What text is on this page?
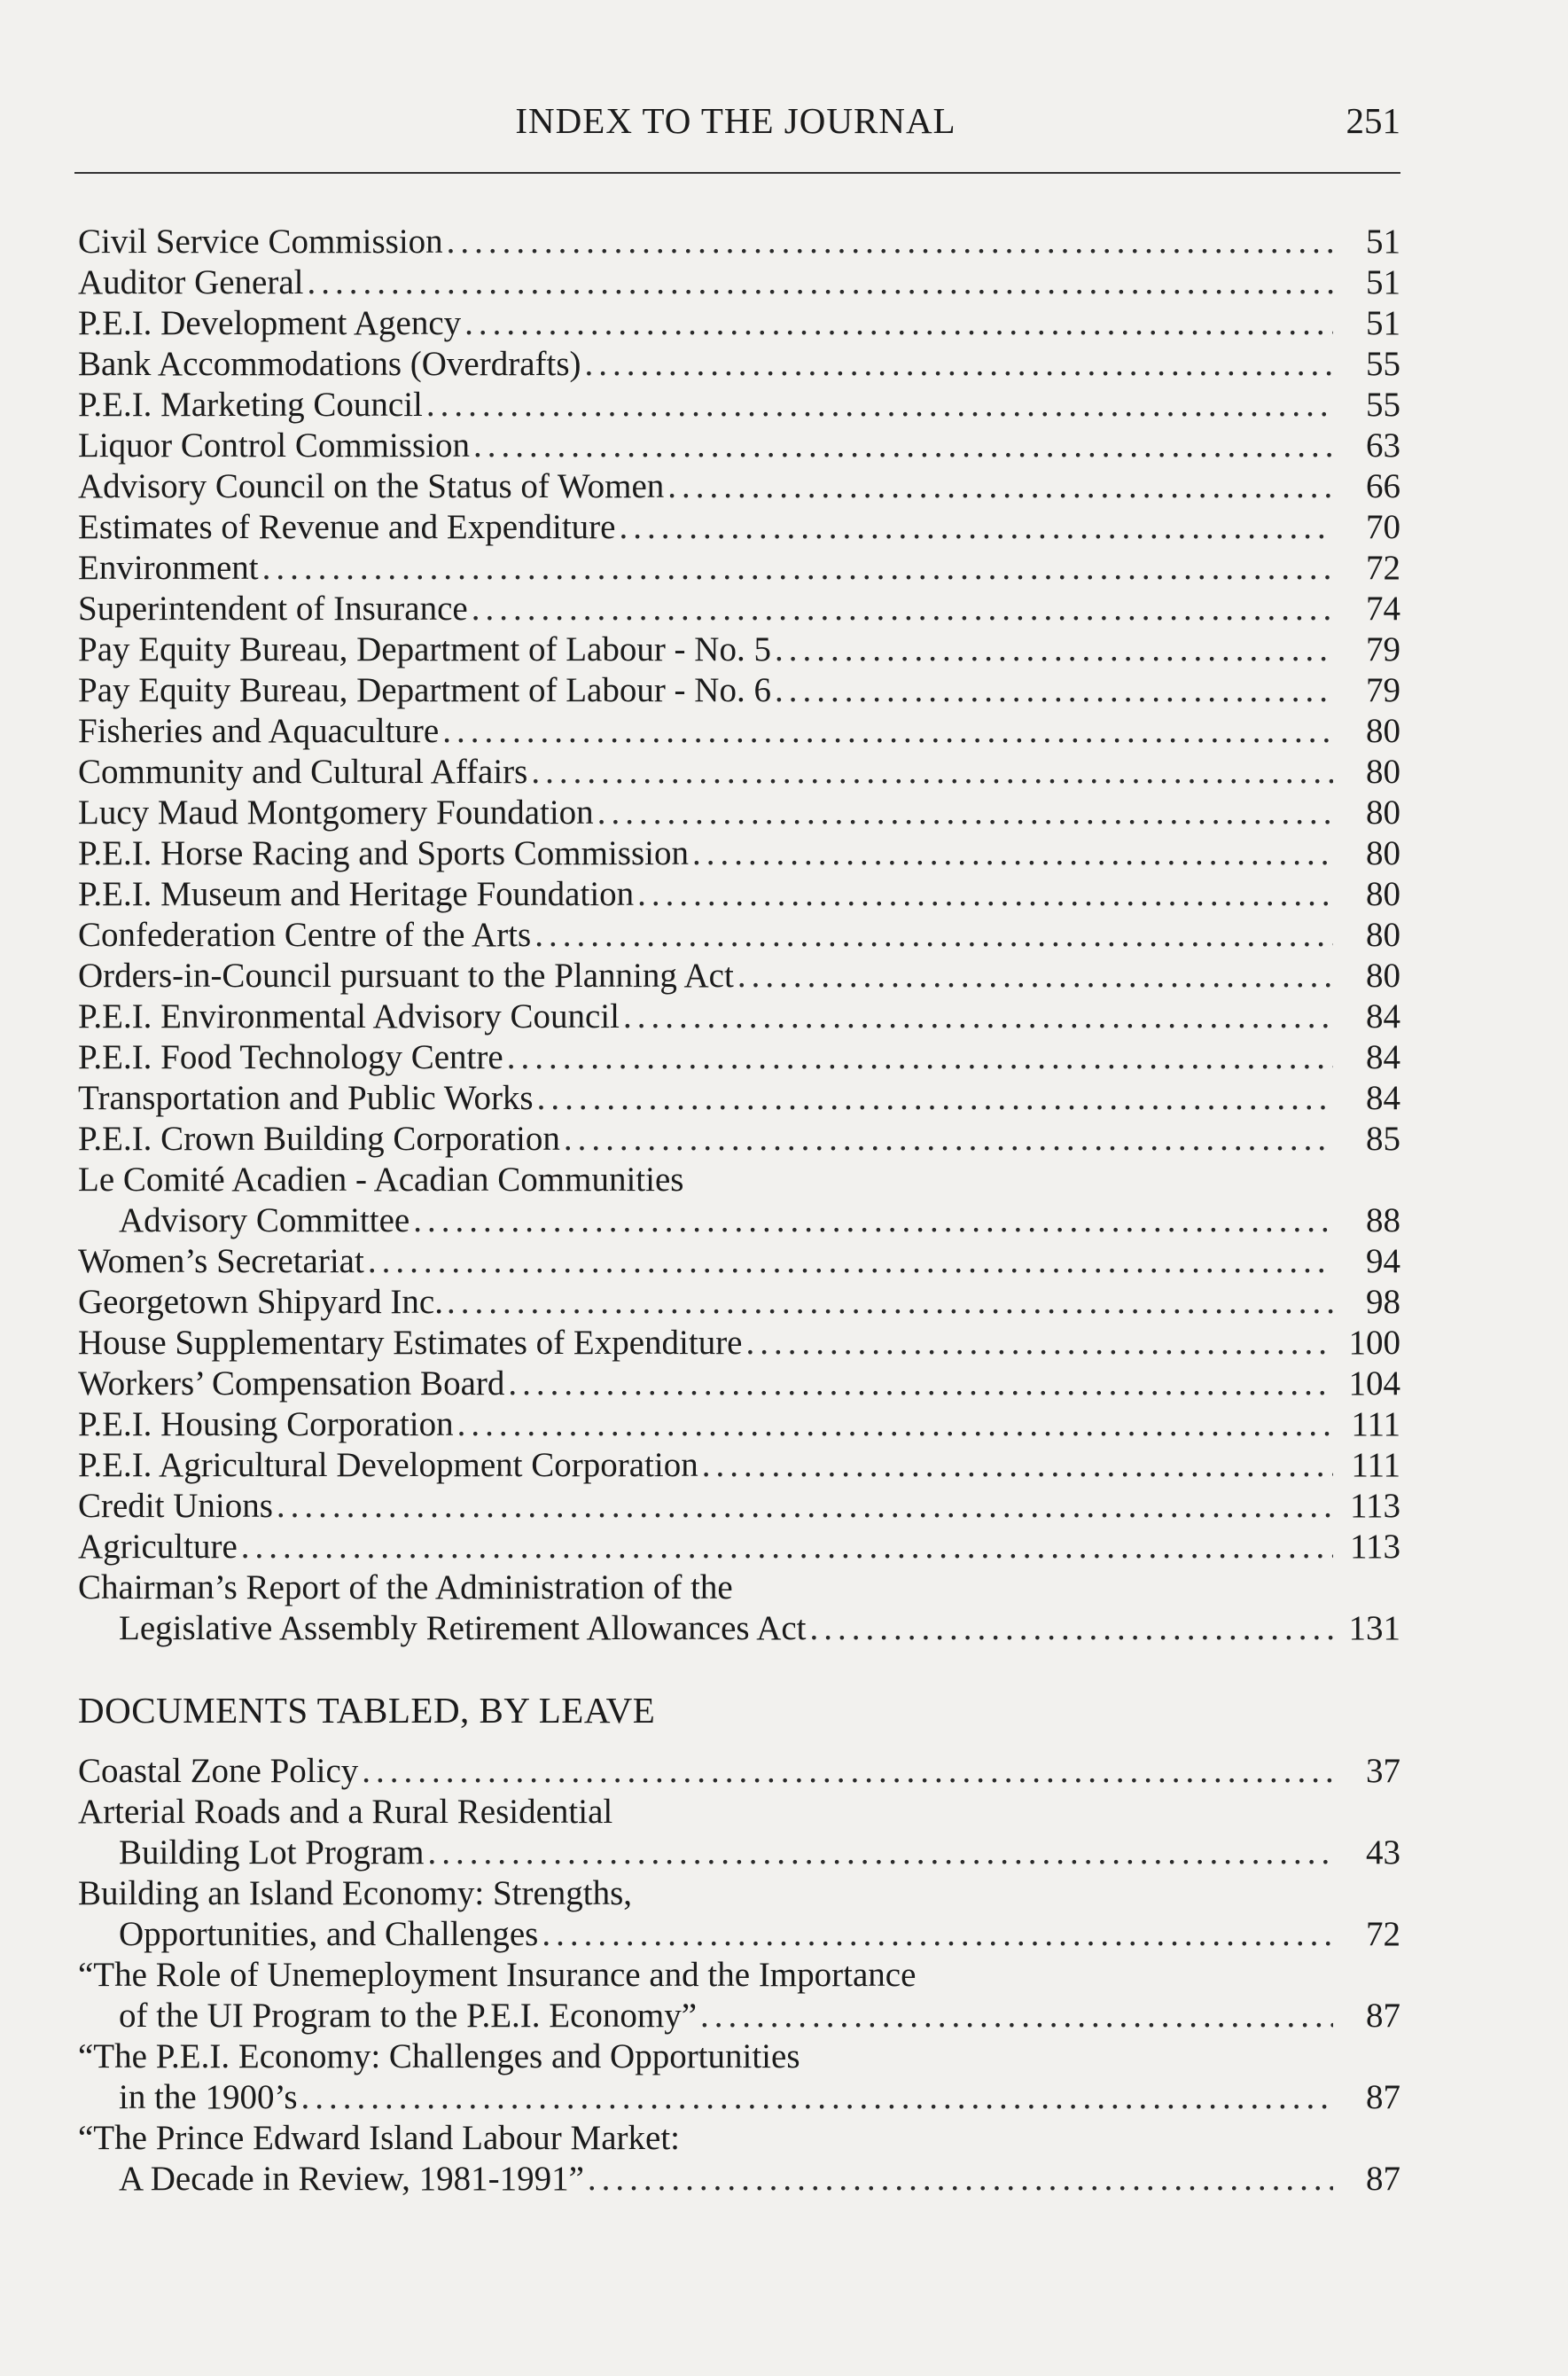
INDEX TO THE JOURNAL	251
Civil Service Commission .....	51
Auditor General .....	51
P.E.I. Development Agency .....	51
Bank Accommodations (Overdrafts) .....	55
P.E.I. Marketing Council .....	55
Liquor Control Commission .....	63
Advisory Council on the Status of Women .....	66
Estimates of Revenue and Expenditure .....	70
Environment .....	72
Superintendent of Insurance .....	74
Pay Equity Bureau, Department of Labour - No. 5 .....	79
Pay Equity Bureau, Department of Labour - No. 6 .....	79
Fisheries and Aquaculture .....	80
Community and Cultural Affairs .....	80
Lucy Maud Montgomery Foundation .....	80
P.E.I. Horse Racing and Sports Commission .....	80
P.E.I. Museum and Heritage Foundation .....	80
Confederation Centre of the Arts .....	80
Orders-in-Council pursuant to the Planning Act .....	80
P.E.I. Environmental Advisory Council .....	84
P.E.I. Food Technology Centre .....	84
Transportation and Public Works .....	84
P.E.I. Crown Building Corporation .....	85
Le Comité Acadien - Acadian Communities
Advisory Committee .....	88
Women’s Secretariat .....	94
Georgetown Shipyard Inc. .....	98
House Supplementary Estimates of Expenditure .....	100
Workers’ Compensation Board .....	104
P.E.I. Housing Corporation .....	111
P.E.I. Agricultural Development Corporation .....	111
Credit Unions .....	113
Agriculture .....	113
Chairman’s Report of the Administration of the
Legislative Assembly Retirement Allowances Act .....	131
DOCUMENTS TABLED, BY LEAVE
Coastal Zone Policy .....	37
Arterial Roads and a Rural Residential
Building Lot Program .....	43
Building an Island Economy: Strengths,
Opportunities, and Challenges .....	72
“The Role of Unemeployment Insurance and the Importance
of the UI Program to the P.E.I. Economy” .....	87
“The P.E.I. Economy: Challenges and Opportunities
in the 1900’s .....	87
“The Prince Edward Island Labour Market:
A Decade in Review, 1981-1991” .....	87
